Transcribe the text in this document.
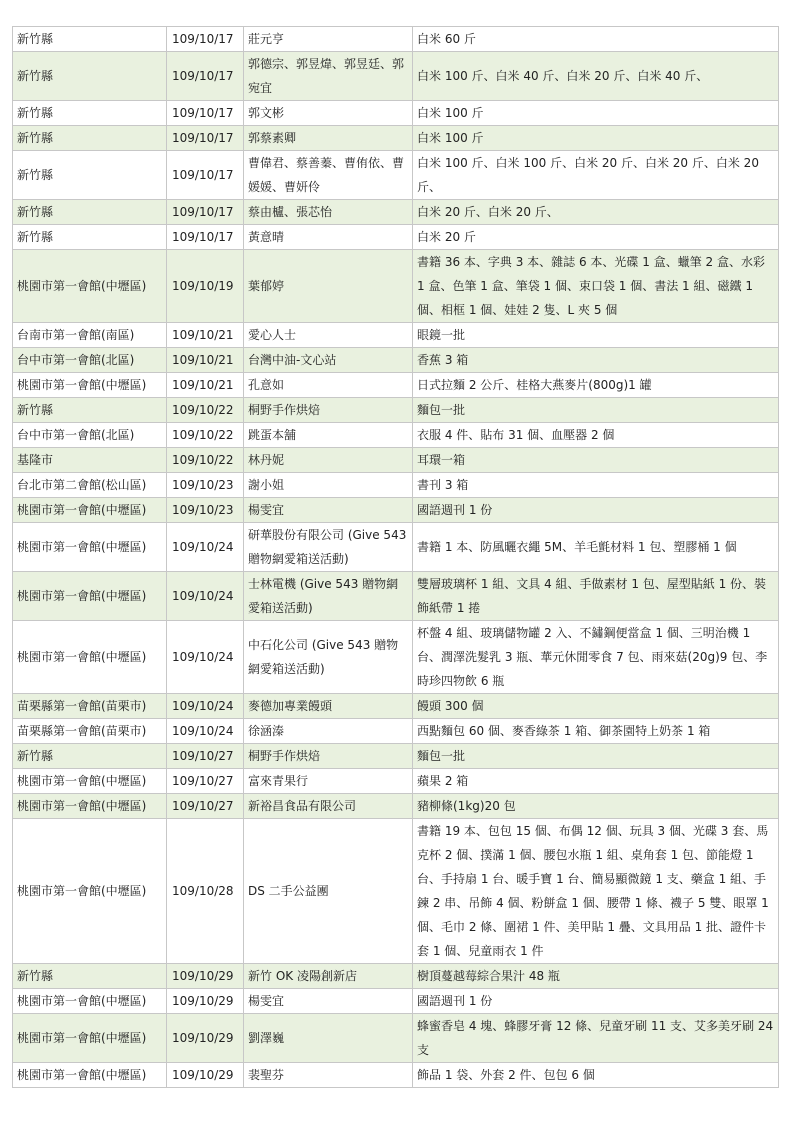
新竹縣	109/10/17	莊元亨	白米 60 斤
新竹縣	109/10/17	郭德宗、郭昱煒、郭昱廷、郭宛宜	白米 100 斤、白米 40 斤、白米 20 斤、白米 40 斤、
新竹縣	109/10/17	郭文彬	白米 100 斤
新竹縣	109/10/17	郭蔡素卿	白米 100 斤
新竹縣	109/10/17	曹偉君、蔡善蓁、曹侑依、曹媛媛、曹妍伶	白米 100 斤、白米 100 斤、白米 20 斤、白米 20 斤、白米 20 斤、
新竹縣	109/10/17	蔡由櫨、張芯怡	白米 20 斤、白米 20 斤、
新竹縣	109/10/17	黃意晴	白米 20 斤
桃園市第一會館(中壢區)	109/10/19	葉郁婷	書籍 36 本、字典 3 本、雜誌 6 本、光碟 1 盒、蠟筆 2 盒、水彩 1 盒、色筆 1 盒、筆袋 1 個、束口袋 1 個、書法 1 組、磁鐵 1 個、相框 1 個、娃娃 2 隻、L 夾 5 個
台南市第一會館(南區)	109/10/21	愛心人士	眼鏡一批
台中市第一會館(北區)	109/10/21	台灣中油-文心站	香蕉 3 箱
桃園市第一會館(中壢區)	109/10/21	孔意如	日式拉麵 2 公斤、桂格大燕麥片(800g)1 罐
新竹縣	109/10/22	桐野手作烘焙	麵包一批
台中市第一會館(北區)	109/10/22	跳蛋本舖	衣服 4 件、貼布 31 個、血壓器 2 個
基隆市	109/10/22	林丹妮	耳環一箱
台北市第二會館(松山區)	109/10/23	謝小姐	書刊 3 箱
桃園市第一會館(中壢區)	109/10/23	楊雯宜	國語週刊 1 份
桃園市第一會館(中壢區)	109/10/24	研華股份有限公司 (Give 543 贈物網愛箱送活動)	書籍 1 本、防風曬衣繩 5M、羊毛氈材料 1 包、塑膠桶 1 個
桃園市第一會館(中壢區)	109/10/24	士林電機 (Give 543 贈物網愛箱送活動)	雙層玻璃杯 1 組、文具 4 組、手做素材 1 包、屋型貼紙 1 份、裝飾紙帶 1 捲
桃園市第一會館(中壢區)	109/10/24	中石化公司 (Give 543 贈物網愛箱送活動)	杯盤 4 組、玻璃儲物罐 2 入、不鏽鋼便當盒 1 個、三明治機 1 台、潤澤洗髮乳 3 瓶、華元休閒零食 7 包、雨來菇(20g)9 包、李時珍四物飲 6 瓶
苗栗縣第一會館(苗栗市)	109/10/24	麥德加專業饅頭	饅頭 300 個
苗栗縣第一會館(苗栗市)	109/10/24	徐涵溱	西點麵包 60 個、麥香綠茶 1 箱、御茶園特上奶茶 1 箱
新竹縣	109/10/27	桐野手作烘焙	麵包一批
桃園市第一會館(中壢區)	109/10/27	富來青果行	蘋果 2 箱
桃園市第一會館(中壢區)	109/10/27	新裕昌食品有限公司	豬柳條(1kg)20 包
桃園市第一會館(中壢區)	109/10/28	DS 二手公益團	書籍 19 本、包包 15 個、布偶 12 個、玩具 3 個、光碟 3 套、馬克杯 2 個、撲滿 1 個、腰包水瓶 1 組、桌角套 1 包、節能燈 1 台、手持扇 1 台、暖手寶 1 台、簡易顯微鏡 1 支、藥盒 1 組、手鍊 2 串、吊飾 4 個、粉餅盒 1 個、腰帶 1 條、襪子 5 雙、眼罩 1 個、毛巾 2 條、圍裙 1 件、美甲貼 1 疊、文具用品 1 批、證件卡套 1 個、兒童雨衣 1 件
新竹縣	109/10/29	新竹 OK 凌陽創新店	樹頂蔓越莓綜合果汁 48 瓶
桃園市第一會館(中壢區)	109/10/29	楊雯宜	國語週刊 1 份
桃園市第一會館(中壢區)	109/10/29	劉澤巍	蜂蜜香皂 4 塊、蜂膠牙膏 12 條、兒童牙刷 11 支、艾多美牙刷 24 支
桃園市第一會館(中壢區)	109/10/29	裴聖芬	飾品 1 袋、外套 2 件、包包 6 個
